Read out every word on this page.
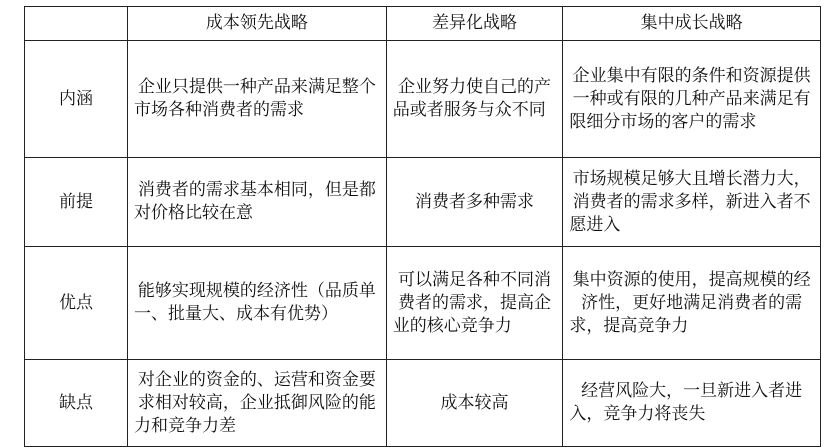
	成本领先战略	差异化战略	集中成长战略
内涵	企业只提供一种产品来满足整个市场各种消费者的需求	企业努力使自己的产品或者服务与众不同	企业集中有限的条件和资源提供一种或有限的几种产品来满足有限细分市场的客户的需求
前提	消费者的需求基本相同，但是都对价格比较在意	消费者多种需求	市场规模足够大且增长潜力大，消费者的需求多样，新进入者不愿进入
优点	能够实现规模的经济性（品质单一、批量大、成本有优势）	可以满足各种不同消费者的需求，提高企业的核心竞争力	集中资源的使用，提高规模的经济性，更好地满足消费者的需求，提高竞争力
缺点	对企业的资金的、运营和资金要求相对较高，企业抵御风险的能力和竞争力差	成本较高	经营风险大，一旦新进入者进入，竞争力将丧失
